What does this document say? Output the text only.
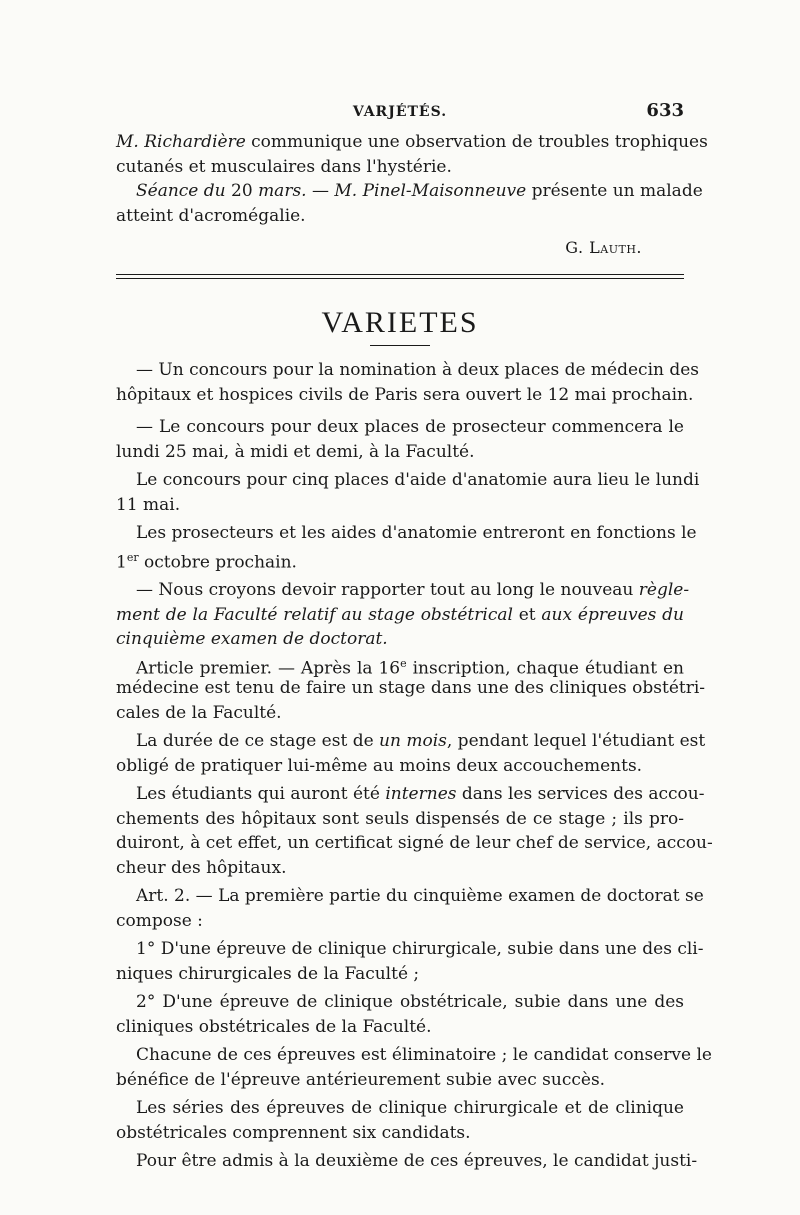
VARJÉTÉS.	633
M. Richardière communique une observation de troubles trophiques
cutanés et musculaires dans l'hystérie.
Séance du 20 mars. — M. Pinel-Maisonneuve présente un malade
atteint d'acromégalie.
G. Lauth.
VARIETES
— Un concours pour la nomination à deux places de médecin des
hôpitaux et hospices civils de Paris sera ouvert le 12 mai prochain.
— Le concours pour deux places de prosecteur commencera le
lundi 25 mai, à midi et demi, à la Faculté.
Le concours pour cinq places d'aide d'anatomie aura lieu le lundi
11 mai.
Les prosecteurs et les aides d'anatomie entreront en fonctions le
1er octobre prochain.
— Nous croyons devoir rapporter tout au long le nouveau règle-
ment de la Faculté relatif au stage obstétrical et aux épreuves du
cinquième examen de doctorat.
Article premier. — Après la 16e inscription, chaque étudiant en
médecine est tenu de faire un stage dans une des cliniques obstétri-
cales de la Faculté.
La durée de ce stage est de un mois, pendant lequel l'étudiant est
obligé de pratiquer lui-même au moins deux accouchements.
Les étudiants qui auront été internes dans les services des accou-
chements des hôpitaux sont seuls dispensés de ce stage ; ils pro-
duiront, à cet effet, un certificat signé de leur chef de service, accou-
cheur des hôpitaux.
Art. 2. — La première partie du cinquième examen de doctorat se
compose :
1° D'une épreuve de clinique chirurgicale, subie dans une des cli-
niques chirurgicales de la Faculté ;
2° D'une épreuve de clinique obstétricale, subie dans une des
cliniques obstétricales de la Faculté.
Chacune de ces épreuves est éliminatoire ; le candidat conserve le
bénéfice de l'épreuve antérieurement subie avec succès.
Les séries des épreuves de clinique chirurgicale et de clinique
obstétricales comprennent six candidats.
Pour être admis à la deuxième de ces épreuves, le candidat justi-
